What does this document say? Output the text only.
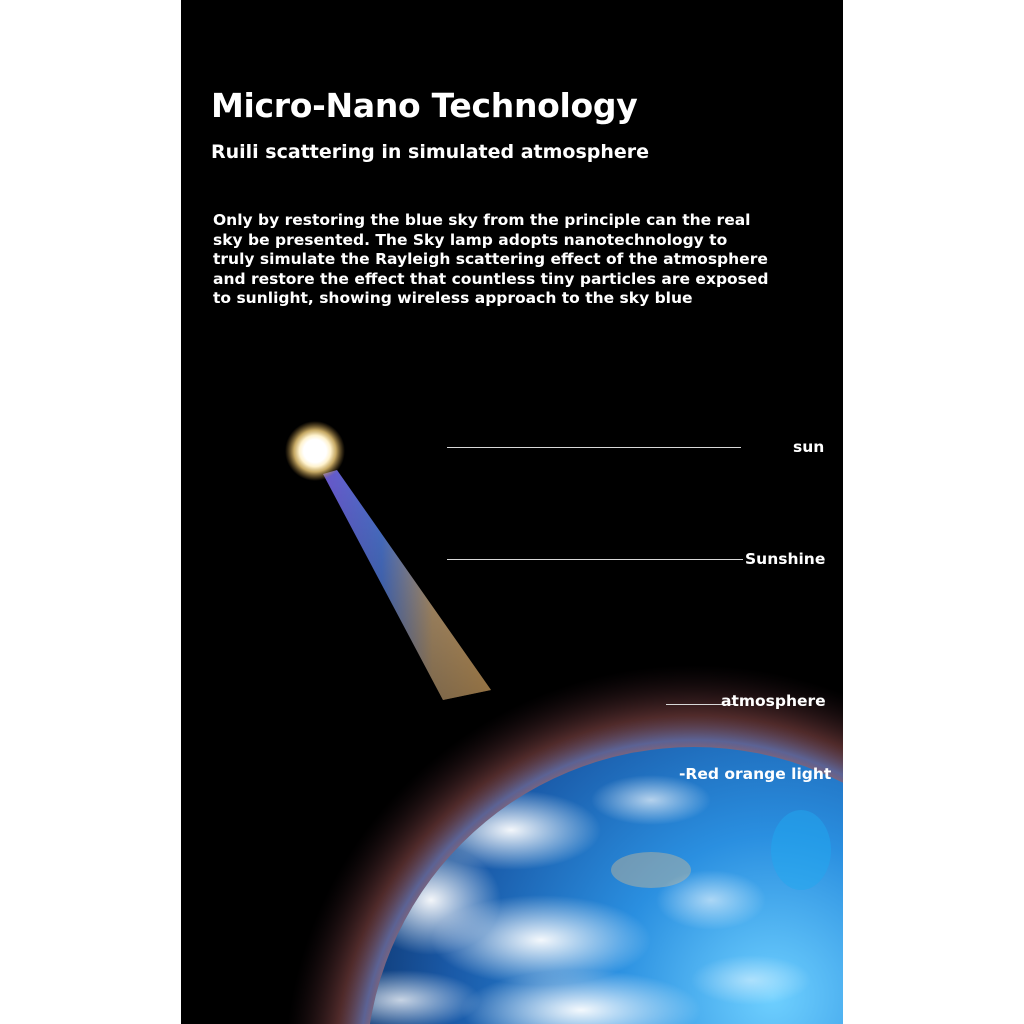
Micro-Nano Technology
Ruili scattering in simulated atmosphere

Only by restoring the blue sky from the principle can the real sky be presented. The Sky lamp adopts nanotechnology to truly simulate the Rayleigh scattering effect of the atmosphere and restore the effect that countless tiny particles are exposed to sunlight, showing wireless approach to the sky blue

sun
Sunshine
atmosphere
-Red orange light
